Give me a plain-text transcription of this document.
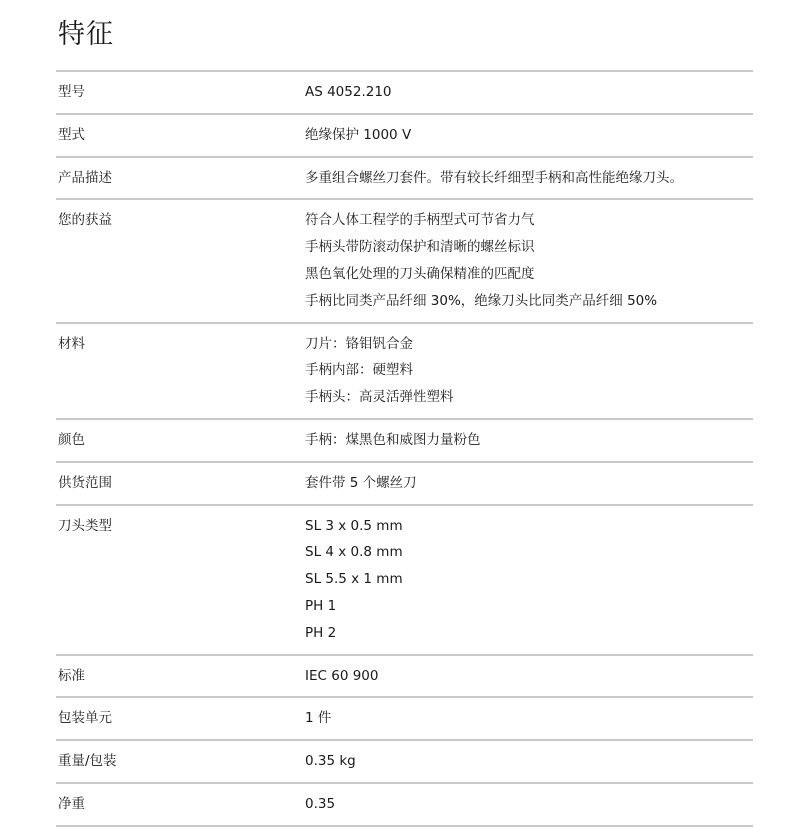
特征
型号	AS 4052.210
型式	绝缘保护 1000 V
产品描述	多重组合螺丝刀套件。带有较长纤细型手柄和高性能绝缘刀头。
您的获益	符合人体工程学的手柄型式可节省力气
手柄头带防滚动保护和清晰的螺丝标识
黑色氧化处理的刀头确保精准的匹配度
手柄比同类产品纤细 30%，绝缘刀头比同类产品纤细 50%
材料	刀片：铬钼钒合金
手柄内部：硬塑料
手柄头：高灵活弹性塑料
颜色	手柄：煤黑色和威图力量粉色
供货范围	套件带 5 个螺丝刀
刀头类型	SL 3 x 0.5 mm
SL 4 x 0.8 mm
SL 5.5 x 1 mm
PH 1
PH 2
标准	IEC 60 900
包装单元	1 件
重量/包装	0.35 kg
净重	0.35
